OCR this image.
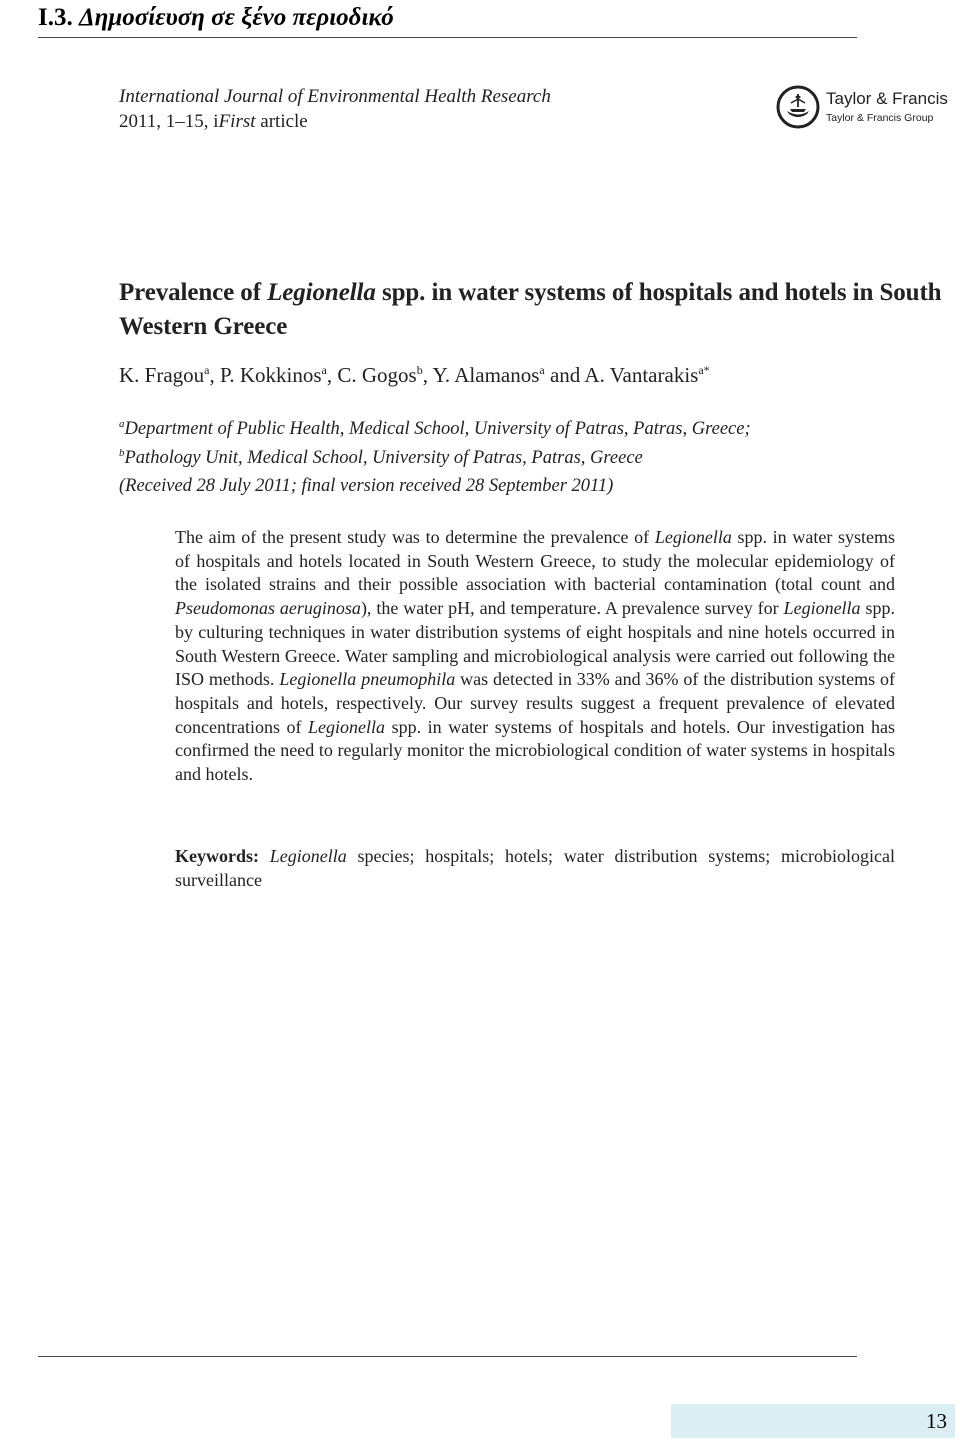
I.3. Δημοσίευση σε ξένο περιοδικό
International Journal of Environmental Health Research
2011, 1–15, iFirst article
Taylor & Francis
Taylor & Francis Group
Prevalence of Legionella spp. in water systems of hospitals and hotels in South Western Greece
K. Fragou$^a$, P. Kokkinos$^a$, C. Gogos$^b$, Y. Alamanos$^a$ and A. Vantarakis$^{a*}$
$^a$Department of Public Health, Medical School, University of Patras, Patras, Greece;
$^b$Pathology Unit, Medical School, University of Patras, Patras, Greece
(Received 28 July 2011; final version received 28 September 2011)

The aim of the present study was to determine the prevalence of Legionella spp. in water systems of hospitals and hotels located in South Western Greece, to study the molecular epidemiology of the isolated strains and their possible association with bacterial contamination (total count and Pseudomonas aeruginosa), the water pH, and temperature. A prevalence survey for Legionella spp. by culturing techniques in water distribution systems of eight hospitals and nine hotels occurred in South Western Greece. Water sampling and microbiological analysis were carried out following the ISO methods. Legionella pneumophila was detected in 33% and 36% of the distribution systems of hospitals and hotels, respectively. Our survey results suggest a frequent prevalence of elevated concentrations of Legionella spp. in water systems of hospitals and hotels. Our investigation has confirmed the need to regularly monitor the microbiological condition of water systems in hospitals and hotels.

Keywords: Legionella species; hospitals; hotels; water distribution systems; microbiological surveillance

13
